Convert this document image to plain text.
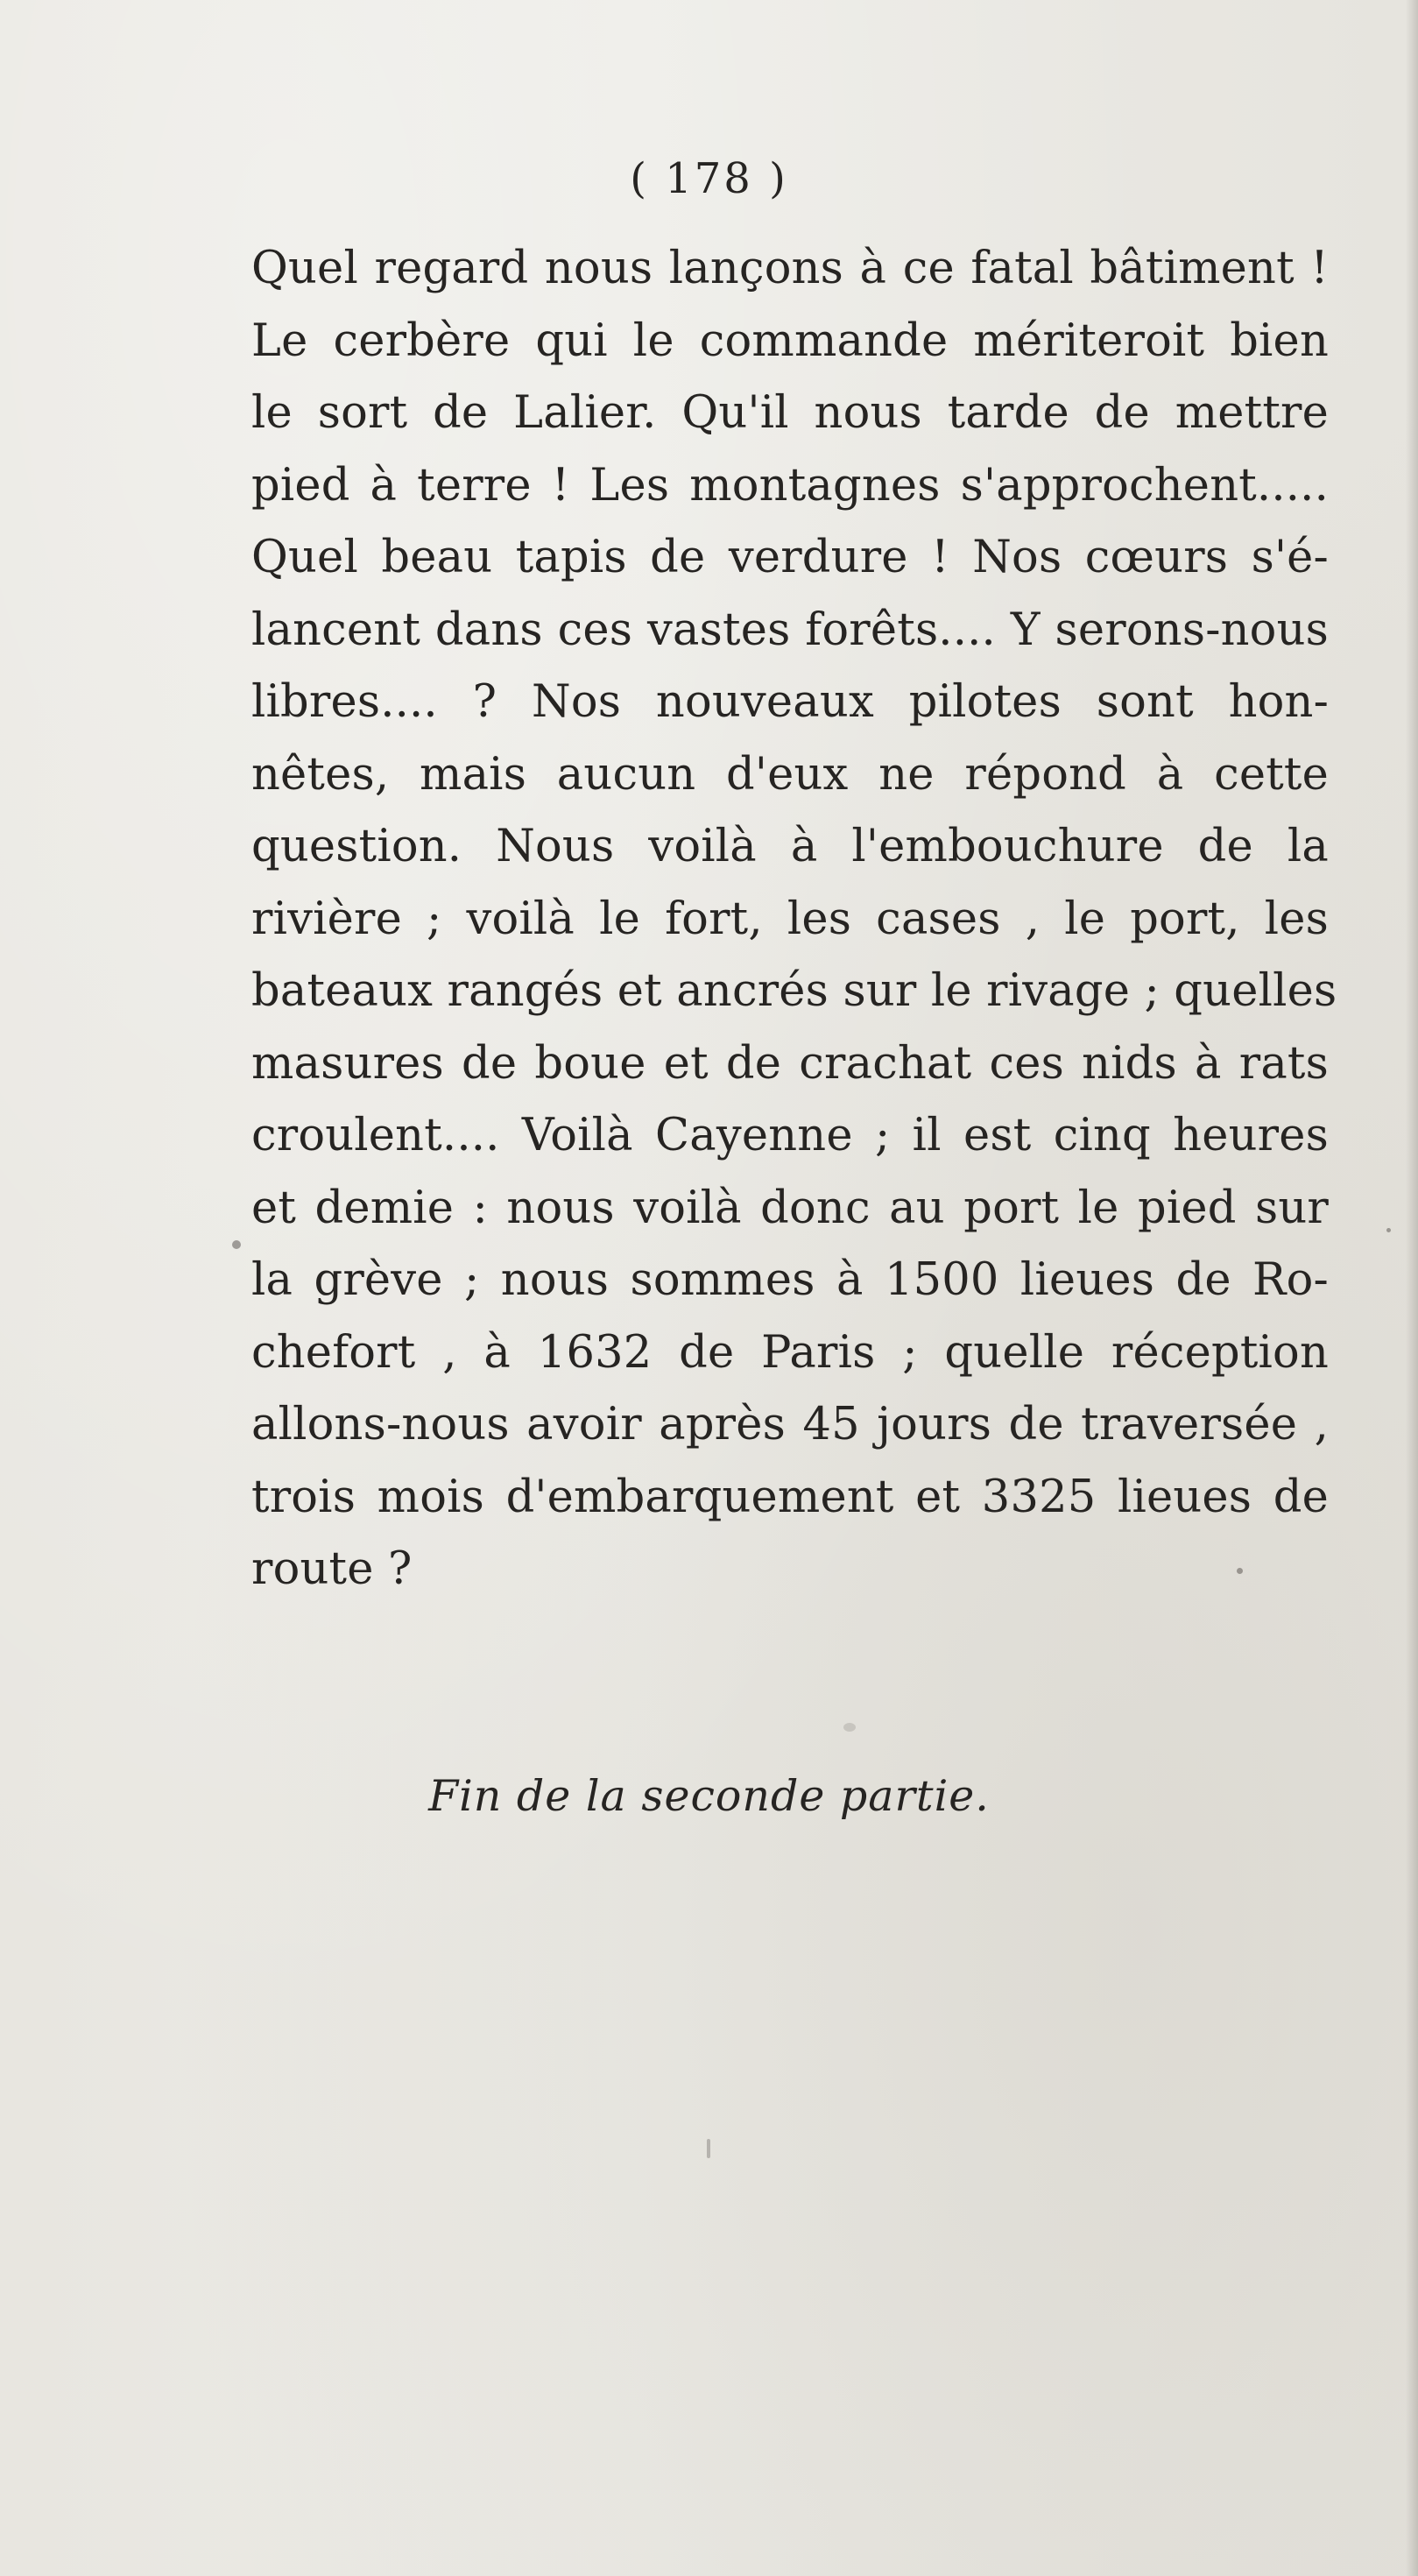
( 178 )
Quel regard nous lançons à ce fatal bâtiment !
Le cerbère qui le commande mériteroit bien
le sort de Lalier. Qu'il nous tarde de mettre
pied à terre ! Les montagnes s'approchent.....
Quel beau tapis de verdure ! Nos cœurs s'é-
lancent dans ces vastes forêts.... Y serons-nous
libres.... ? Nos nouveaux pilotes sont hon-
nêtes, mais aucun d'eux ne répond à cette
question. Nous voilà à l'embouchure de la
rivière ; voilà le fort, les cases , le port, les
bateaux rangés et ancrés sur le rivage ; quelles
masures de boue et de crachat ces nids à rats
croulent.... Voilà Cayenne ; il est cinq heures
et demie : nous voilà donc au port le pied sur
la grève ; nous sommes à 1500 lieues de Ro-
chefort , à 1632 de Paris ; quelle réception
allons-nous avoir après 45 jours de traversée ,
trois mois d'embarquement et 3325 lieues de
route ?
Fin de la seconde partie.
